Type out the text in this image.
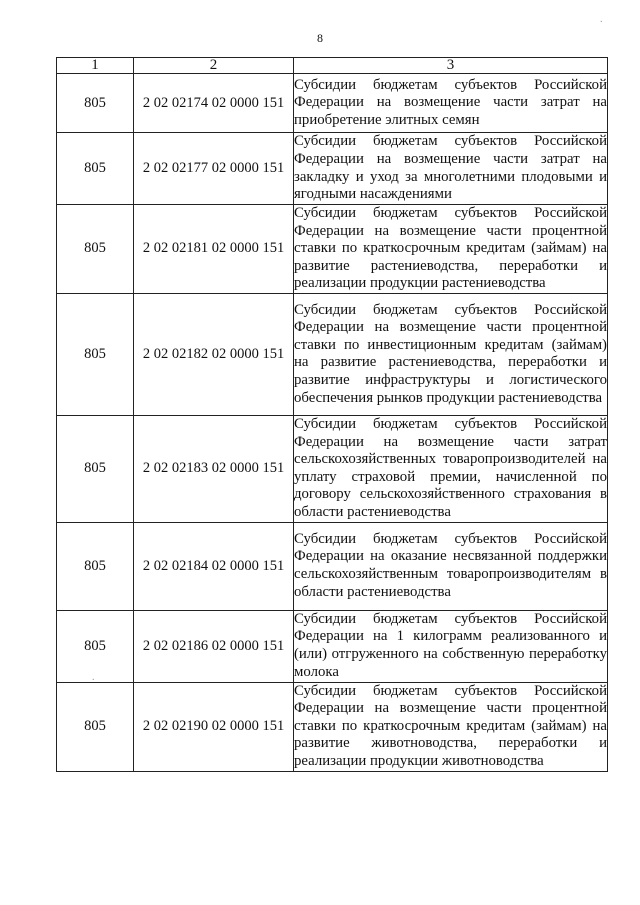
8
1	2	3
805	2 02 02174 02 0000 151	Субсидии бюджетам субъектов Российской Федерации на возмещение части затрат на приобретение элитных семян
805	2 02 02177 02 0000 151	Субсидии бюджетам субъектов Российской Федерации на возмещение части затрат на закладку и уход за многолетними плодовыми и ягодными насаждениями
805	2 02 02181 02 0000 151	Субсидии бюджетам субъектов Российской Федерации на возмещение части процентной ставки по краткосрочным кредитам (займам) на развитие растениеводства, переработки и реализации продукции растениеводства
805	2 02 02182 02 0000 151	Субсидии бюджетам субъектов Российской Федерации на возмещение части процентной ставки по инвестиционным кредитам (займам) на развитие растениеводства, переработки и развитие инфраструктуры и логистического обеспечения рынков продукции растениеводства
805	2 02 02183 02 0000 151	Субсидии бюджетам субъектов Российской Федерации на возмещение части затрат сельскохозяйственных товаропроизводителей на уплату страховой премии, начисленной по договору сельскохозяйственного страхования в области растениеводства
805	2 02 02184 02 0000 151	Субсидии бюджетам субъектов Российской Федерации на оказание несвязанной поддержки сельскохозяйственным товаропроизводителям в области растениеводства
805	2 02 02186 02 0000 151	Субсидии бюджетам субъектов Российской Федерации на 1 килограмм реализованного и (или) отгруженного на собственную переработку молока
805	2 02 02190 02 0000 151	Субсидии бюджетам субъектов Российской Федерации на возмещение части процентной ставки по краткосрочным кредитам (займам) на развитие животноводства, переработки и реализации продукции животноводства
.
.
